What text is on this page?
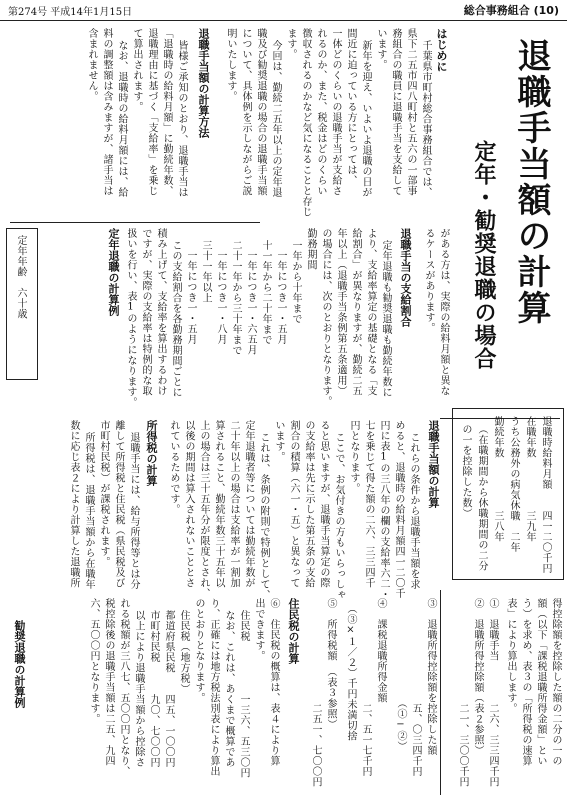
第274号 平成14年1月15日	総合事務組合 (10)
退職手当額の計算
定年・勧奨退職の場合
はじめに
千葉県市町村総合事務組合では、
県下二五市四八町村と五六の一部事
務組合の職員に退職手当を支給して
います。
新年を迎え、いよいよ退職の日が
間近に迫っている方にとっては、
一体どのくらいの退職手当が支給さ
れるのか、また、税金はどのくらい
徴収されるのかなど気になることと存じ
ます。
今回は、勤続二五年以上の定年退
職及び勧奨退職の場合の退職手当額
について、具体例を示しながらご説
明いたします。
退職手当額の計算方法
皆様ご承知のとおり、退職手当は
「退職時の給料月額」に勤続年数、
退職理由に基づく「支給率」を乗じ
て算出されます。
なお、退職時の給料月額には、給
料の調整額は含みますが、諸手当は
含まれません。
がある方は、実際の給料月額と異な
るケースがあります。
退職手当の支給割合
定年退職も勧奨退職も勤続年数に
より、支給率算定の基礎となる「支
給割合」が異なりますが、勤続二五
年以上（退職手当条例第五条適用）
の場合には、次のとおりとなります。
勤務期間
一年から十年まで
一年につき一・五月
十一年から二十年まで
一年につき一・六五月
二十一年から三十年まで
一年につき一・八月
三十一年以上
一年につき一・五月
この支給割合を各勤務期間ごとに
積み上げて、支給率を算出するわけ
ですが、実際の支給率は特例的な取
扱いを行い、表1のようになります。
定年退職の計算例
定年年齢　六十歳
退職時給料月額　　四一二〇千円
在職年数　　　　　三九年
うち公務外の病気休職　二年
勤続年数　　　　　三八年
（在職期間から休職期間の二分
の一を控除した数）
退職手当額の計算
これらの条件から退職手当額を求
めると、退職時の給料月額四一二〇千
円に表1の三八年の欄の支給率六二・
七を乗じて得た額の二六、三三四千
円となります。
ここで、お気付きの方もいらっしゃ
ると思いますが、退職手当算定の際
の支給率は先に示した第五条の支給
割合の積算（六一・五）と異なって
います。
これは、条例の附則で特例として、
定年退職者等については勤続年数が
二十年以上の場合は支給率が一割加
算されること、勤続年数三十五年以
上の場合は三十五年分が限度とされ、
以後の期間は算入されないこととさ
れているためです。
所得税の計算
退職手当には、給与所得等とは分
離して所得税と住民税（県民税及び
市町村民税）が課税されます。
所得税は、退職手当額から在職年
数に応じ表２により計算した退職所
得控除額を控除した額の二分の一の
額（以下「課税退職所得金額」とい
う）を求め、表３の「所得税の速算
表」により算出します。
①　退職手当　　　　二六、三三四千円
②　退職所得控除額（表２参照）
　　　　　　　　　　二一、三〇〇千円
③　退職所得控除額を控除した額
　　　　　　　　　　五、〇三四千円
　　　　　　　　　　（①−②）
④　課税退職所得金額
　　　　　　　　　　二、五一七千円
　（③×１／２）千円未満切捨
⑤　所得税額　（表３参照）
　　　　　　　　　　二五一、七〇〇円
住民税の計算
⑥　住民税の概算は、表４により算
出できます。
住民税　　　　　一三六、五三〇円
なお、これは、あくまで概算であ
り、正確には地方税法別表により算出
のとおりとなります。
住民税（地方税）
都道府県民税　　四五、一〇〇円
市町村民税　　　九〇、七〇〇円
以上により退職手当額から控除さ
れる税額が三八七、五〇〇円となり、
税控除後の退職手当額は二五、九四
六、五〇〇円となります。
勧奨退職の計算例
